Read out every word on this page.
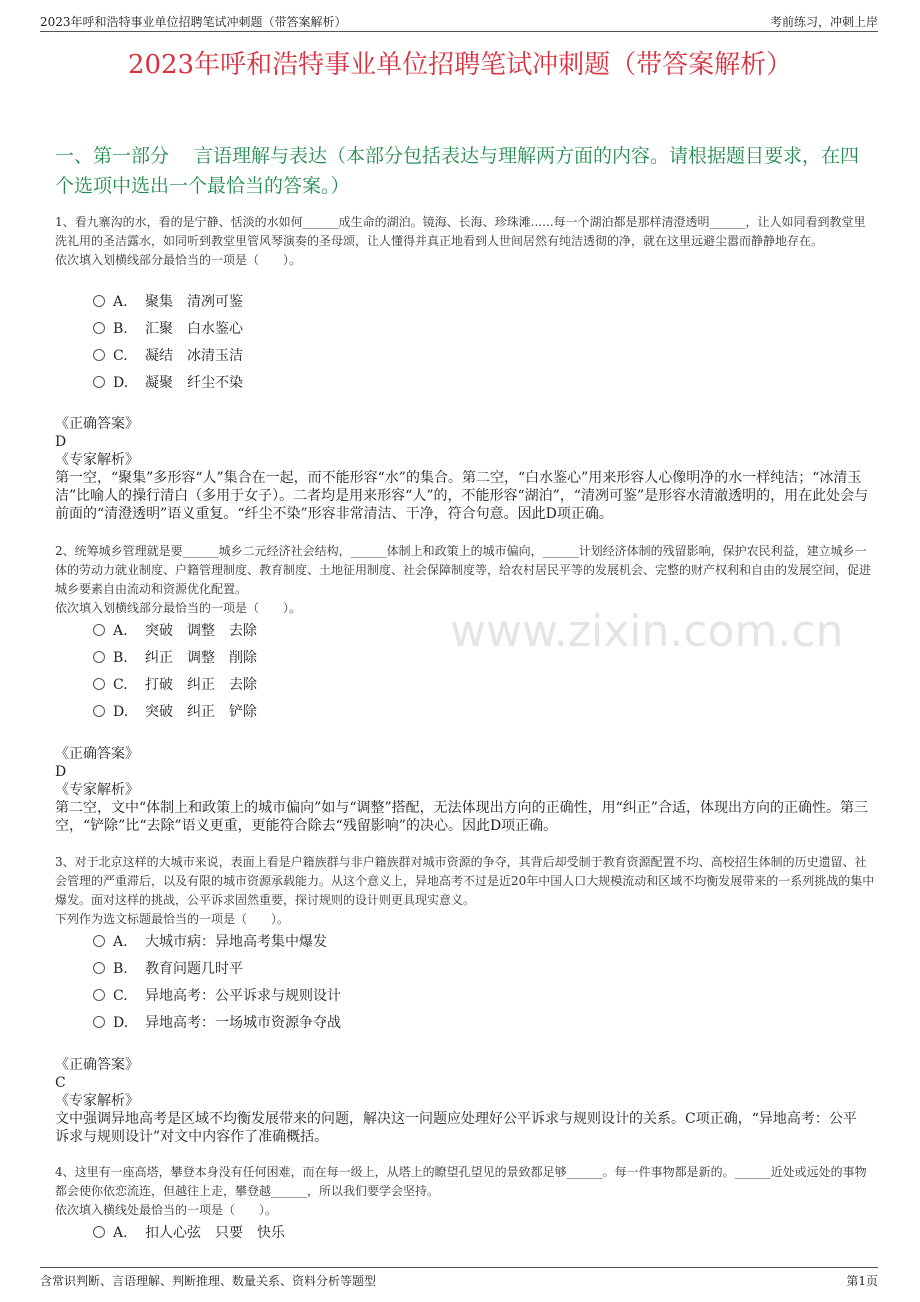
2023年呼和浩特事业单位招聘笔试冲刺题（带答案解析）	考前练习，冲刺上岸
2023年呼和浩特事业单位招聘笔试冲刺题（带答案解析）
一、第一部分　 言语理解与表达（本部分包括表达与理解两方面的内容。请根据题目要求，在四个选项中选出一个最恰当的答案。）
www.zixin.com.cn
1、看九寨沟的水，看的是宁静、恬淡的水如何______成生命的湖泊。镜海、长海、珍珠滩......每一个湖泊都是那样清澄透明______，让人如同看到教堂里洗礼用的圣洁露水，如同听到教堂里管风琴演奏的圣母颂，让人懂得并真正地看到人世间居然有纯洁透彻的净，就在这里远避尘嚣而静静地存在。
依次填入划横线部分最恰当的一项是（　　）。
A. 聚集　清冽可鉴
B. 汇聚　白水鉴心
C. 凝结　冰清玉洁
D. 凝聚　纤尘不染

《正确答案》

D

《专家解析》

第一空，“聚集”多形容“人”集合在一起，而不能形容“水”的集合。第二空，“白水鉴心”用来形容人心像明净的水一样纯洁；“冰清玉洁”比喻人的操行清白（多用于女子）。二者均是用来形容“人”的，不能形容“湖泊”，“清冽可鉴”是形容水清澈透明的，用在此处会与前面的“清澄透明”语义重复。“纤尘不染”形容非常清洁、干净，符合句意。因此D项正确。

2、统筹城乡管理就是要______城乡二元经济社会结构，______体制上和政策上的城市偏向，______计划经济体制的残留影响，保护农民利益，建立城乡一体的劳动力就业制度、户籍管理制度、教育制度、土地征用制度、社会保障制度等，给农村居民平等的发展机会、完整的财产权利和自由的发展空间，促进城乡要素自由流动和资源优化配置。
依次填入划横线部分最恰当的一项是（　　）。
A. 突破　调整　去除
B. 纠正　调整　削除
C. 打破　纠正　去除
D. 突破　纠正　铲除

《正确答案》

D

《专家解析》

第二空，文中“体制上和政策上的城市偏向”如与“调整”搭配，无法体现出方向的正确性，用“纠正”合适，体现出方向的正确性。第三空，“铲除”比“去除”语义更重，更能符合除去“残留影响”的决心。因此D项正确。

3、对于北京这样的大城市来说，表面上看是户籍族群与非户籍族群对城市资源的争夺，其背后却受制于教育资源配置不均、高校招生体制的历史遗留、社会管理的严重滞后，以及有限的城市资源承载能力。从这个意义上，异地高考不过是近20年中国人口大规模流动和区域不均衡发展带来的一系列挑战的集中爆发。面对这样的挑战，公平诉求固然重要，探讨规则的设计则更具现实意义。
下列作为选文标题最恰当的一项是（　　）。
A. 大城市病：异地高考集中爆发
B. 教育问题几时平
C. 异地高考：公平诉求与规则设计
D. 异地高考：一场城市资源争夺战

《正确答案》

C

《专家解析》

文中强调异地高考是区域不均衡发展带来的问题，解决这一问题应处理好公平诉求与规则设计的关系。C项正确，“异地高考：公平诉求与规则设计”对文中内容作了准确概括。

4、这里有一座高塔，攀登本身没有任何困难，而在每一级上，从塔上的瞭望孔望见的景致都足够______。每一件事物都是新的。______近处或远处的事物都会使你依恋流连，但越往上走，攀登越______，所以我们要学会坚持。
依次填入横线处最恰当的一项是（　　）。
A. 扣人心弦　只要　快乐
含常识判断、言语理解、判断推理、数量关系、资料分析等题型	第1页
